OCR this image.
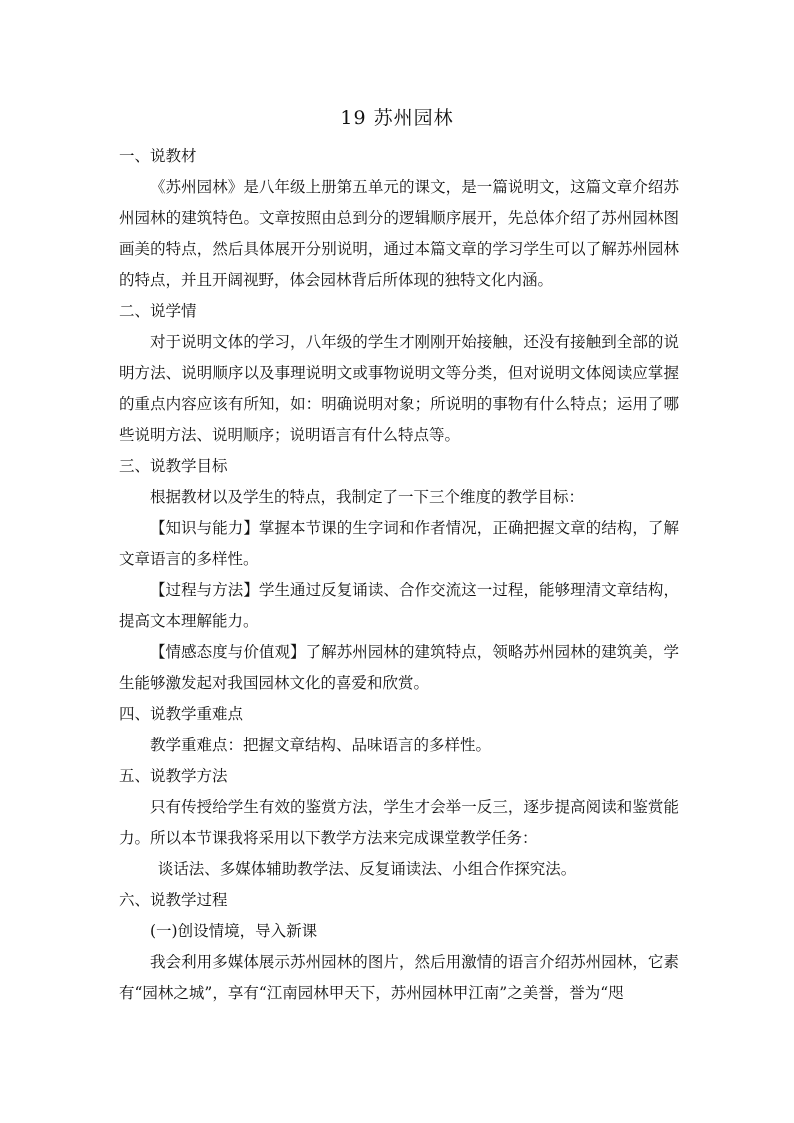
19 苏州园林

一、说教材

《苏州园林》是八年级上册第五单元的课文，是一篇说明文，这篇文章介绍苏州园林的建筑特色。文章按照由总到分的逻辑顺序展开，先总体介绍了苏州园林图画美的特点，然后具体展开分别说明，通过本篇文章的学习学生可以了解苏州园林的特点，并且开阔视野，体会园林背后所体现的独特文化内涵。

二、说学情

对于说明文体的学习，八年级的学生才刚刚开始接触，还没有接触到全部的说明方法、说明顺序以及事理说明文或事物说明文等分类，但对说明文体阅读应掌握的重点内容应该有所知，如：明确说明对象；所说明的事物有什么特点；运用了哪些说明方法、说明顺序；说明语言有什么特点等。

三、说教学目标

根据教材以及学生的特点，我制定了一下三个维度的教学目标：

【知识与能力】掌握本节课的生字词和作者情况，正确把握文章的结构，了解文章语言的多样性。

【过程与方法】学生通过反复诵读、合作交流这一过程，能够理清文章结构，提高文本理解能力。

【情感态度与价值观】了解苏州园林的建筑特点，领略苏州园林的建筑美，学生能够激发起对我国园林文化的喜爱和欣赏。

四、说教学重难点

教学重难点：把握文章结构、品味语言的多样性。

五、说教学方法

只有传授给学生有效的鉴赏方法，学生才会举一反三，逐步提高阅读和鉴赏能力。所以本节课我将采用以下教学方法来完成课堂教学任务：

谈话法、多媒体辅助教学法、反复诵读法、小组合作探究法。

六、说教学过程

(一)创设情境，导入新课

我会利用多媒体展示苏州园林的图片，然后用激情的语言介绍苏州园林，它素有“园林之城”，享有“江南园林甲天下，苏州园林甲江南”之美誉，誉为“咫
